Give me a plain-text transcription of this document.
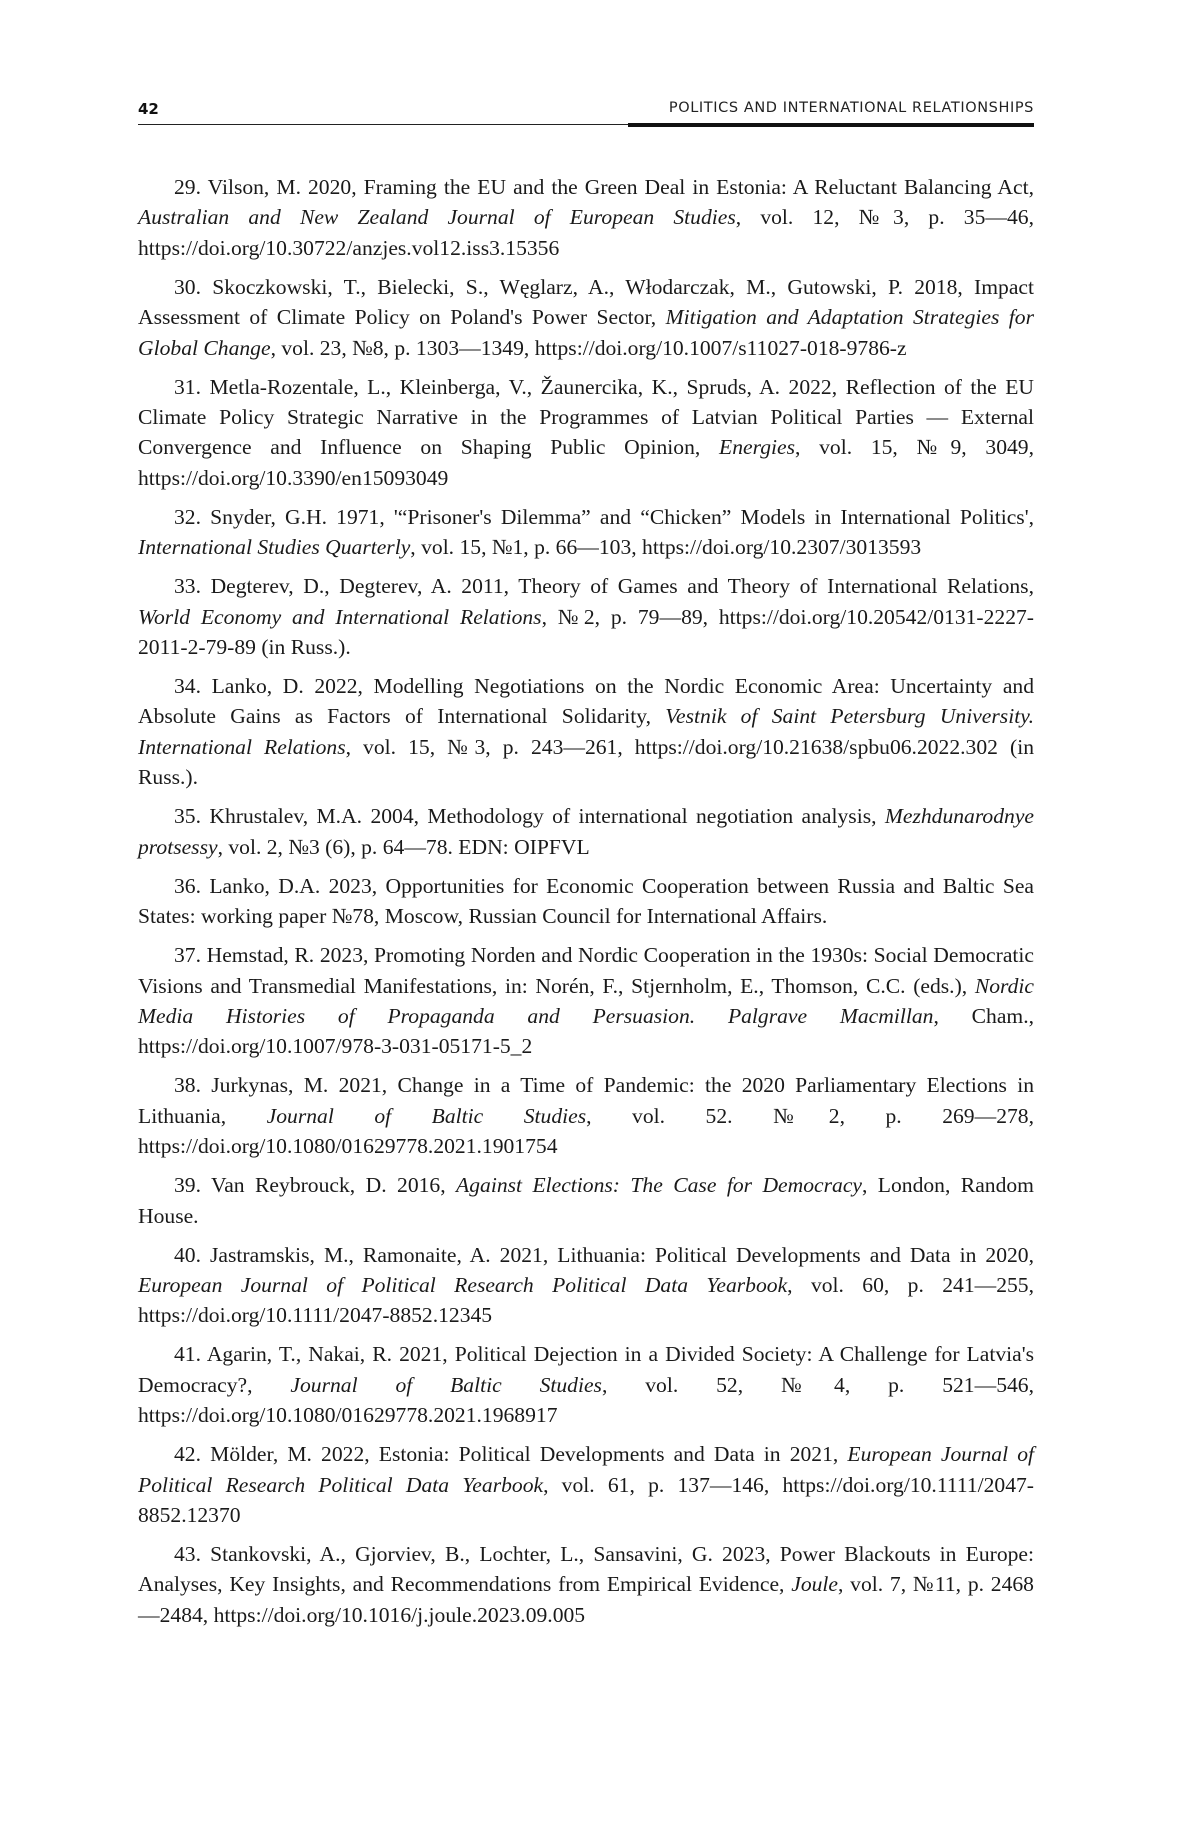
42	POLITICS AND INTERNATIONAL RELATIONSHIPS

29. Vilson, M. 2020, Framing the EU and the Green Deal in Estonia: A Reluctant Balancing Act, Australian and New Zealand Journal of European Studies, vol. 12, №3, p. 35—46, https://doi.org/10.30722/anzjes.vol12.iss3.15356

30. Skoczkowski, T., Bielecki, S., Węglarz, A., Włodarczak, M., Gutowski, P. 2018, Impact Assessment of Climate Policy on Poland's Power Sector, Mitigation and Adaptation Strategies for Global Change, vol. 23, №8, p. 1303—1349, https://doi.org/10.1007/s11027-018-9786-z

31. Metla-Rozentale, L., Kleinberga, V., Žaunercika, K., Spruds, A. 2022, Reflection of the EU Climate Policy Strategic Narrative in the Programmes of Latvian Political Parties — External Convergence and Influence on Shaping Public Opinion, Energies, vol. 15, №9, 3049, https://doi.org/10.3390/en15093049

32. Snyder, G.H. 1971, '“Prisoner's Dilemma” and “Chicken” Models in International Politics', International Studies Quarterly, vol. 15, №1, p. 66—103, https://doi.org/10.2307/3013593

33. Degterev, D., Degterev, A. 2011, Theory of Games and Theory of International Relations, World Economy and International Relations, №2, p. 79—89, https://doi.org/10.20542/0131-2227-2011-2-79-89 (in Russ.).

34. Lanko, D. 2022, Modelling Negotiations on the Nordic Economic Area: Uncertainty and Absolute Gains as Factors of International Solidarity, Vestnik of Saint Petersburg University. International Relations, vol. 15, №3, p. 243—261, https://doi.org/10.21638/spbu06.2022.302 (in Russ.).

35. Khrustalev, M.A. 2004, Methodology of international negotiation analysis, Mezhdunarodnye protsessy, vol. 2, №3 (6), p. 64—78. EDN: OIPFVL

36. Lanko, D.A. 2023, Opportunities for Economic Cooperation between Russia and Baltic Sea States: working paper №78, Moscow, Russian Council for International Affairs.

37. Hemstad, R. 2023, Promoting Norden and Nordic Cooperation in the 1930s: Social Democratic Visions and Transmedial Manifestations, in: Norén, F., Stjernholm, E., Thomson, C.C. (eds.), Nordic Media Histories of Propaganda and Persuasion. Palgrave Macmillan, Cham., https://doi.org/10.1007/978-3-031-05171-5_2

38. Jurkynas, M. 2021, Change in a Time of Pandemic: the 2020 Parliamentary Elections in Lithuania, Journal of Baltic Studies, vol. 52. №2, p. 269—278, https://doi.org/10.1080/01629778.2021.1901754

39. Van Reybrouck, D. 2016, Against Elections: The Case for Democracy, London, Random House.

40. Jastramskis, M., Ramonaite, A. 2021, Lithuania: Political Developments and Data in 2020, European Journal of Political Research Political Data Yearbook, vol. 60, p. 241—255, https://doi.org/10.1111/2047-8852.12345

41. Agarin, T., Nakai, R. 2021, Political Dejection in a Divided Society: A Challenge for Latvia's Democracy?, Journal of Baltic Studies, vol. 52, №4, p. 521—546, https://doi.org/10.1080/01629778.2021.1968917

42. Mölder, M. 2022, Estonia: Political Developments and Data in 2021, European Journal of Political Research Political Data Yearbook, vol. 61, p. 137—146, https://doi.org/10.1111/2047-8852.12370

43. Stankovski, A., Gjorviev, B., Lochter, L., Sansavini, G. 2023, Power Blackouts in Europe: Analyses, Key Insights, and Recommendations from Empirical Evidence, Joule, vol. 7, №11, p. 2468—2484, https://doi.org/10.1016/j.joule.2023.09.005
